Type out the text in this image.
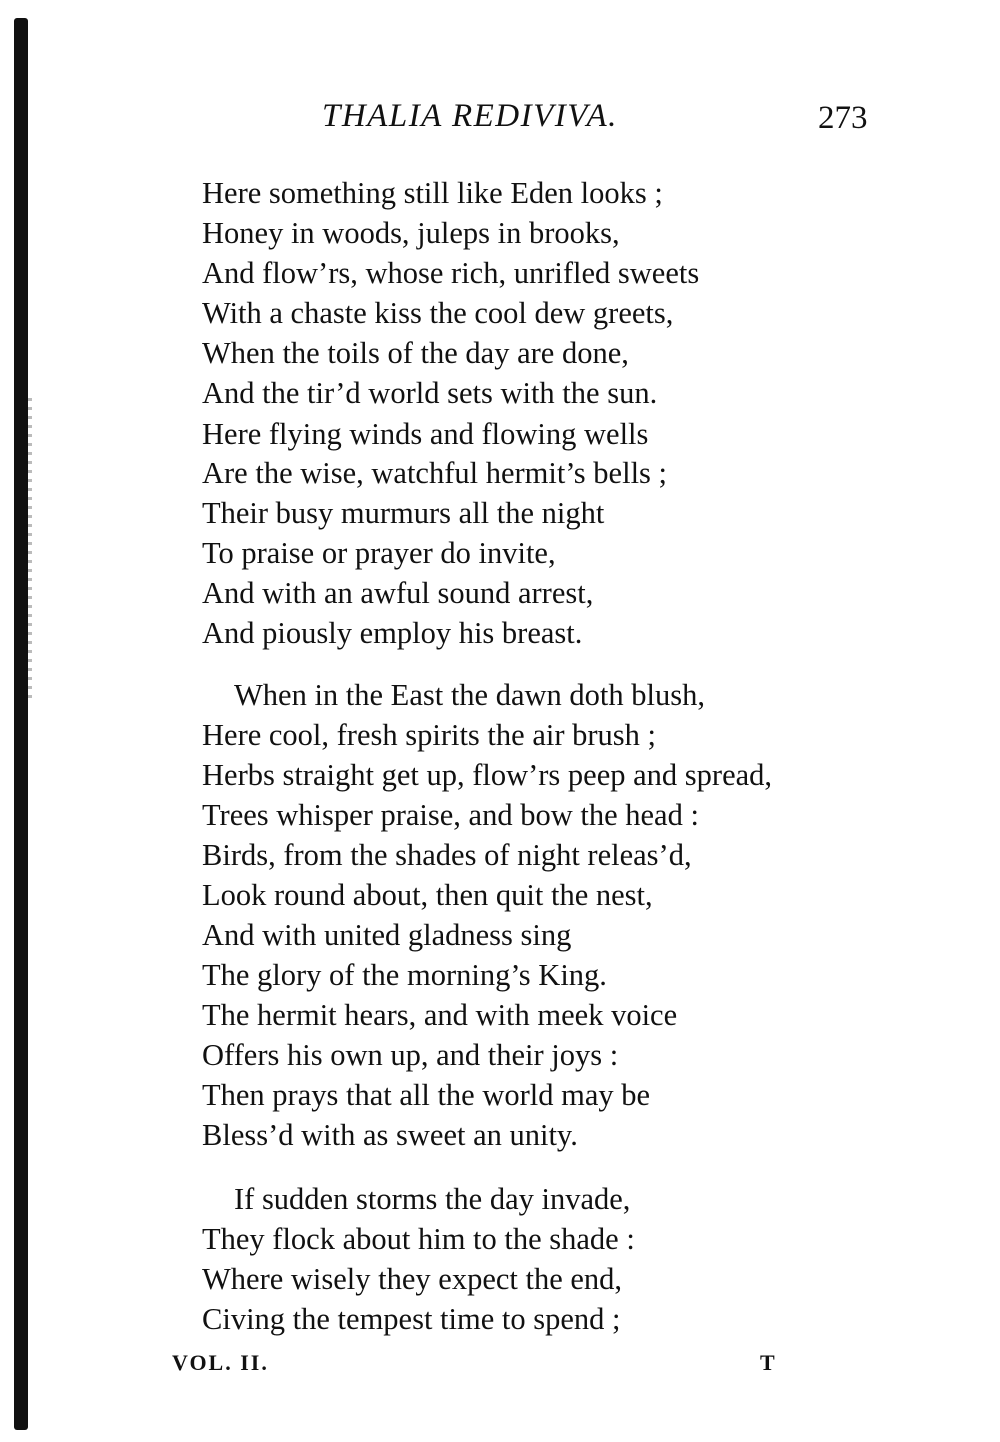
THALIA REDIVIVA.	273
Here something still like Eden looks ;
Honey in woods, juleps in brooks,
And flow’rs, whose rich, unrifled sweets
With a chaste kiss the cool dew greets,
When the toils of the day are done,
And the tir’d world sets with the sun.
Here flying winds and flowing wells
Are the wise, watchful hermit’s bells ;
Their busy murmurs all the night
To praise or prayer do invite,
And with an awful sound arrest,
And piously employ his breast.
When in the East the dawn doth blush,
Here cool, fresh spirits the air brush ;
Herbs straight get up, flow’rs peep and spread,
Trees whisper praise, and bow the head :
Birds, from the shades of night releas’d,
Look round about, then quit the nest,
And with united gladness sing
The glory of the morning’s King.
The hermit hears, and with meek voice
Offers his own up, and their joys :
Then prays that all the world may be
Bless’d with as sweet an unity.
If sudden storms the day invade,
They flock about him to the shade :
Where wisely they expect the end,
Civing the tempest time to spend ;
VOL. II.	T
